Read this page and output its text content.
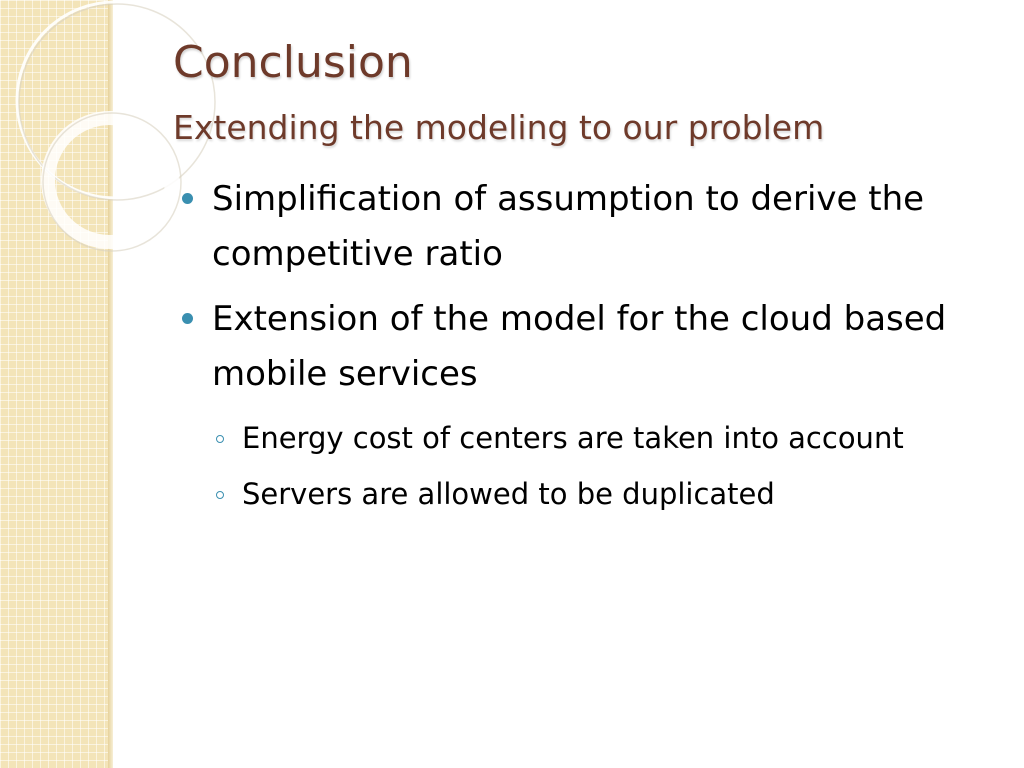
Conclusion
Extending the modeling to our problem
Simplification of assumption to derive the competitive ratio
Extension of the model for the cloud based mobile services
Energy cost of centers are taken into account
Servers are allowed to be duplicated
